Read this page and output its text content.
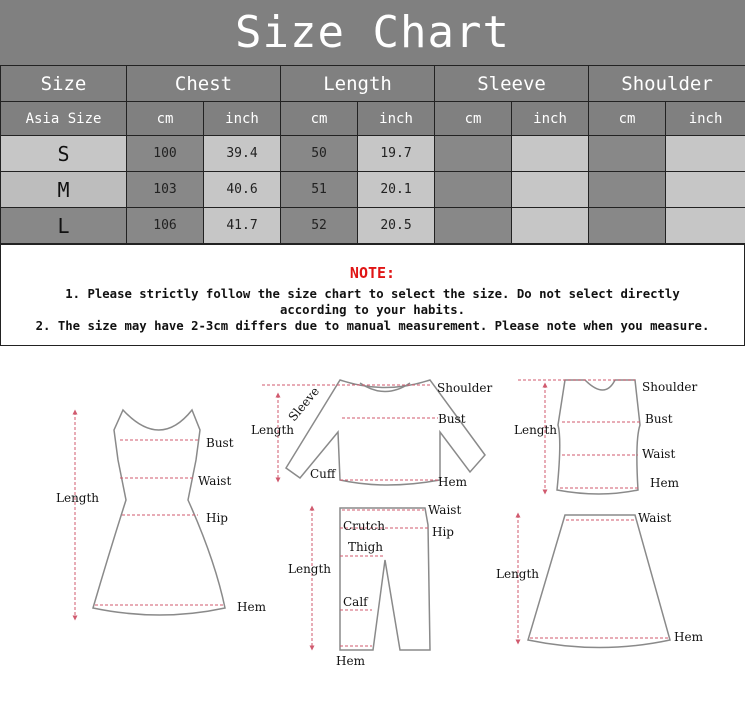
Size Chart
Size	Chest		Length		Sleeve		Shoulder	
Asia Size	cm	inch	cm	inch	cm	inch	cm	inch
S	100	39.4	50	19.7				
M	103	40.6	51	20.1				
L	106	41.7	52	20.5				
NOTE:
1. Please strictly follow the size chart to select the size. Do not select directly according to your habits.
2. The size may have 2-3cm differs due to manual measurement. Please note when you measure.
Length
Bust
Waist
Hip
Hem
Shoulder
Sleeve
Length
Bust
Cuff
Hem
Shoulder
Length
Bust
Waist
Hem
Waist
Crutch	Hip
Thigh
Length
Calf
Hem
Waist
Length
Hem
